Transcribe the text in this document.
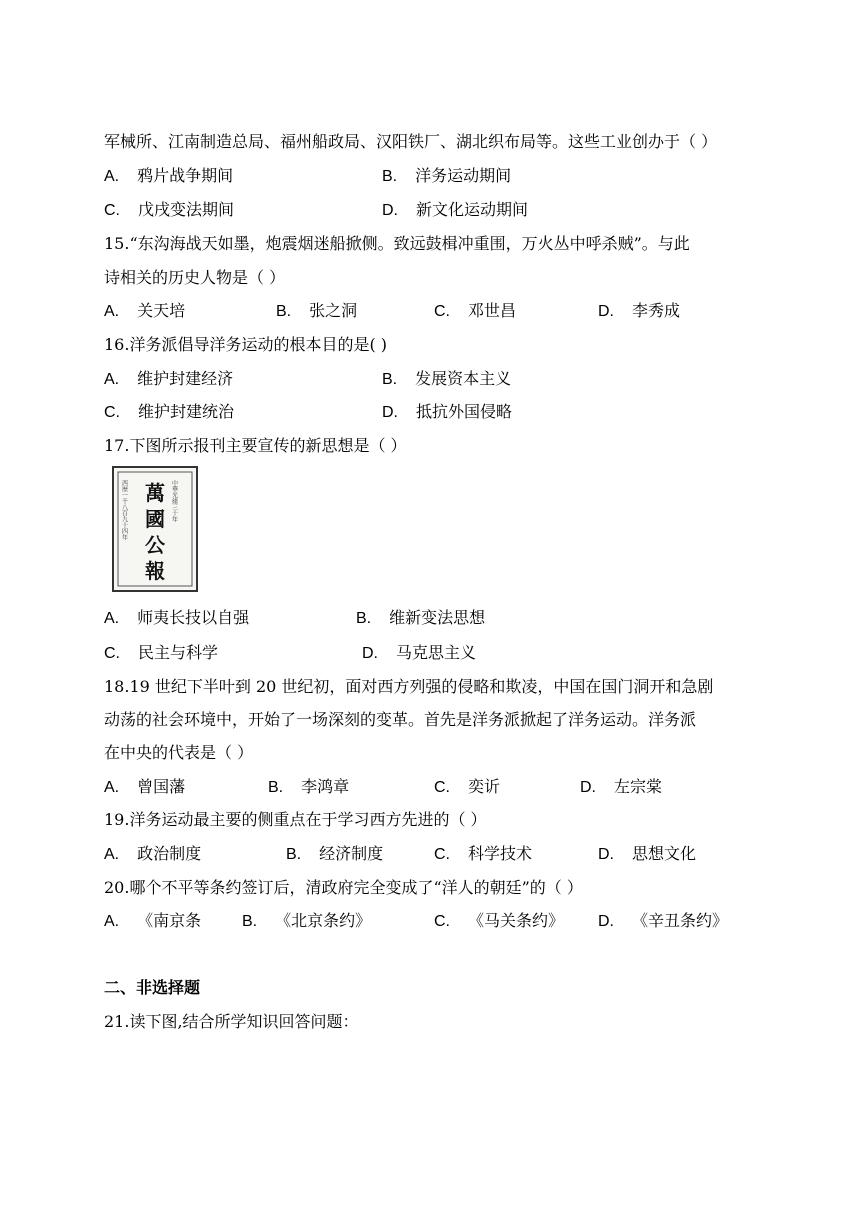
军械所、江南制造总局、福州船政局、汉阳铁厂、湖北织布局等。这些工业创办于（ ）
A. 鸦片战争期间	B. 洋务运动期间
C. 戊戌变法期间	D. 新文化运动期间
15.“东沟海战天如墨，炮震烟迷船掀侧。致远鼓楫冲重围，万火丛中呼杀贼”。与此
诗相关的历史人物是（ ）
A. 关天培	B. 张之洞	C. 邓世昌	D. 李秀成
16.洋务派倡导洋务运动的根本目的是( )
A. 维护封建经济	B. 发展资本主义
C. 维护封建统治	D. 抵抗外国侵略
17.下图所示报刊主要宣传的新思想是（ ）
中華光緒三十年
西歷一千八百九十四年 萬
國
公
報
A. 师夷长技以自强	B. 维新变法思想
C. 民主与科学	D. 马克思主义
18.19 世纪下半叶到 20 世纪初，面对西方列强的侵略和欺凌，中国在国门洞开和急剧
动荡的社会环境中，开始了一场深刻的变革。首先是洋务派掀起了洋务运动。洋务派
在中央的代表是（ ）
A. 曾国藩	B. 李鸿章	C. 奕䜣	D. 左宗棠
19.洋务运动最主要的侧重点在于学习西方先进的（ ）
A. 政治制度	B. 经济制度	C. 科学技术	D. 思想文化
20.哪个不平等条约签订后，清政府完全变成了“洋人的朝廷”的（ ）
A. 《南京条	B. 《北京条约》	C. 《马关条约》 D. 《辛丑条约》
二、非选择题
21.读下图,结合所学知识回答问题：
